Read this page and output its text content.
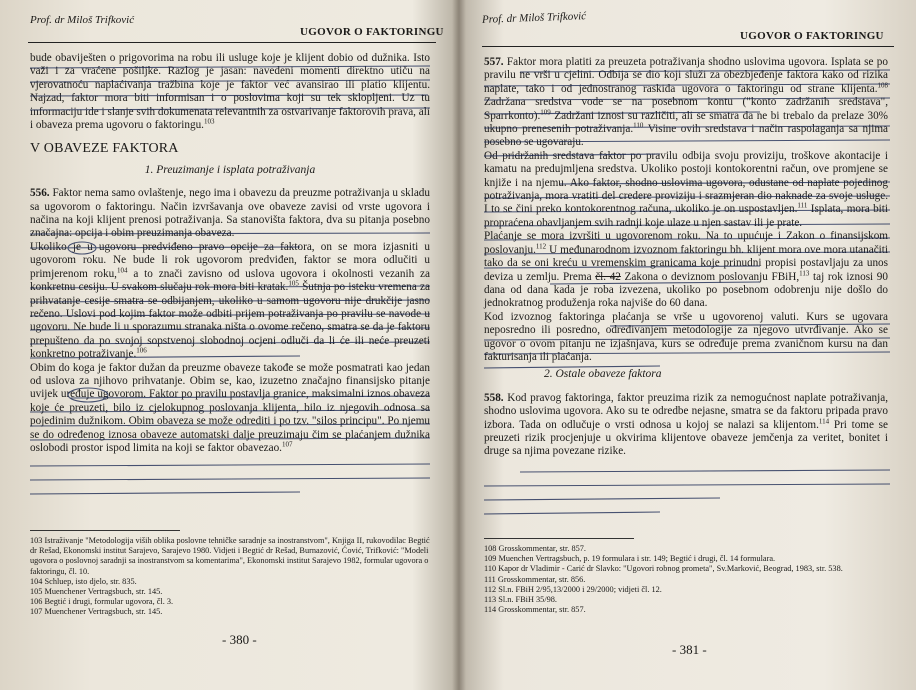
Prof. dr Miloš Trifković
UGOVOR O FAKTORINGU

bude obaviješten o prigovorima na robu ili usluge koje je klijent dobio od dužnika. Isto važi i za vraćene pošiljke. Razlog je jasan: navedeni momenti direktno utiču na vjerovatnoću naplaćivanja tražbina koje je faktor već avansirao ili platio klijentu. Najzad, faktor mora biti informisan i o poslovima koji su tek sklopljeni. Uz tu informaciju ide i slanje svih dokumenata relevantnih za ostvarivanje faktorovih prava, ali i obaveza prema ugovoru o faktoringu.$^{103}$

V OBAVEZE FAKTORA
1. Preuzimanje i isplata potraživanja

556. Faktor nema samo ovlaštenje, nego ima i obavezu da preuzme potraživanja u skladu sa ugovorom o faktoringu. Način izvršavanja ove obaveze zavisi od vrste ugovora i načina na koji klijent prenosi potraživanja. Sa stanovišta faktora, dva su pitanja posebno značajna: opcija i obim preuzimanja obaveza.

Ukoliko je u ugovoru predviđeno pravo opcije za faktora, on se mora izjasniti u ugovorom roku. Ne bude li rok ugovorom predviđen, faktor se mora odlučiti u primjerenom roku,$^{104}$ a to znači zavisno od uslova ugovora i okolnosti vezanih za konkretnu cesiju. U svakom slučaju rok mora biti kratak.$^{105}$ Šutnja po isteku vremena za prihvatanje cesije smatra se odbijanjem, ukoliko u samom ugovoru nije drukčije jasno rečeno. Uslovi pod kojim faktor može odbiti prijem potraživanja po pravilu se navode u ugovoru. Ne bude li u sporazumu stranaka ništa o ovome rečeno, smatra se da je faktoru prepušteno da po svojoj sopstvenoj slobodnoj ocjeni odluči da li će ili neće preuzeti konkretno potraživanje.$^{106}$

Obim do koga je faktor dužan da preuzme obaveze takođe se može posmatrati kao jedan od uslova za njihovo prihvatanje. Obim se, kao, izuzetno značajno finansijsko pitanje uvijek uređuje ugovorom. Faktor po pravilu postavlja granice, maksimalni iznos obaveza koje će preuzeti, bilo iz cjelokupnog poslovanja klijenta, bilo iz njegovih odnosa sa pojedinim dužnikom. Obim obaveza se može odrediti i po tzv. "silos principu". Po njemu se do određenog iznosa obaveze automatski dalje preuzimaju čim se plaćanjem dužnika oslobodi prostor ispod limita na koji se faktor obavezao.$^{107}$

103 Istraživanje "Metodologija viših oblika poslovne tehničke saradnje sa inostranstvom", Knjiga II, rukovodilac Begtić dr Rešad, Ekonomski institut Sarajevo, Sarajevo 1980. Vidjeti i Begtić dr Rešad, Burnazović, Ćović, Trifković: "Modeli ugovora o poslovnoj saradnji sa inostranstvom sa komentarima", Ekonomski institut Sarajevo 1982, formular ugovora o faktoringu, čl. 10.
104 Schluep, isto djelo, str. 835.
105 Muenchener Vertragsbuch, str. 145.
106 Begtić i drugi, formular ugovora, čl. 3.
107 Muenchener Vertragsbuch, str. 145.
- 380 -
Prof. dr Miloš Trifković
UGOVOR O FAKTORINGU

557. Faktor mora platiti za preuzeta potraživanja shodno uslovima ugovora. Isplata se po pravilu ne vrši u cjelini. Odbija se dio koji služi za obezbjeđenje faktora kako od rizika naplate, tako i od jednostranog raskida ugovora o faktoringu od strane klijenta.$^{108}$ Zadržana sredstva vode se na posebnom kontu ("konto zadržanih sredstava", Sparrkonto).$^{109}$ Zadržani iznosi su različiti, ali se smatra da ne bi trebalo da prelaze 30% ukupno prenesenih potraživanja.$^{110}$ Visine ovih sredstava i način raspolaganja sa njima posebno se ugovaraju.

Od pridržanih sredstava faktor po pravilu odbija svoju proviziju, troškove akontacije i kamatu na predujmljena sredstva. Ukoliko postoji kontokorentni račun, ove promjene se knjiže i na njemu. Ako faktor, shodno uslovima ugovora, odustane od naplate pojedinog potraživanja, mora vratiti del credere proviziju i srazmjeran dio naknade za svoje usluge. I to se čini preko kontokorentnog računa, ukoliko je on uspostavljen.$^{111}$ Isplata, mora biti propraćena obavljanjem svih radnji koje ulaze u njen sastav ili je prate.

Plaćanje se mora izvršiti u ugovorenom roku. Na to upućuje i Zakon o finansijskom poslovanju.$^{112}$ U međunarodnom izvoznom faktoringu bh. klijent mora ove mora utanačiti tako da se oni kreću u vremenskim granicama koje prinudni propisi postavljaju za unos deviza u zemlju. Prema čl. 42 Zakona o deviznom poslovanju FBiH,$^{113}$ taj rok iznosi 90 dana od dana kada je roba izvezena, ukoliko po posebnom odobrenju nije došlo do jednokratnog produženja roka najviše do 60 dana.

Kod izvoznog faktoringa plaćanja se vrše u ugovorenoj valuti. Kurs se ugovara neposredno ili posredno, određivanjem metodologije za njegovo utvrđivanje. Ako se ugovor o ovom pitanju ne izjašnjava, kurs se određuje prema zvaničnom kursu na dan fakturisanja ili plaćanja.

2. Ostale obaveze faktora

558. Kod pravog faktoringa, faktor preuzima rizik za nemogućnost naplate potraživanja, shodno uslovima ugovora. Ako su te odredbe nejasne, smatra se da faktoru pripada pravo izbora. Tada on odlučuje o vrsti odnosa u kojoj se nalazi sa klijentom.$^{114}$ Pri tome se preuzeti rizik procjenjuje u okvirima klijentove obaveze jemčenja za veritet, bonitet i druge sa njima povezane rizike.

108 Grosskommentar, str. 857.
109 Muenchen Vertragsbuch, p. 19 formulara i str. 149; Begtić i drugi, čl. 14 formulara.
110 Kapor dr Vladimir - Carić dr Slavko: "Ugovori robnog prometa", Sv.Marković, Beograd, 1983, str. 538.
111 Grosskommentar, str. 856.
112 Sl.n. FBiH 2/95,13/2000 i 29/2000; vidjeti čl. 12.
113 Sl.n. FBiH 35/98.
114 Grosskommentar, str. 857.
- 381 -
